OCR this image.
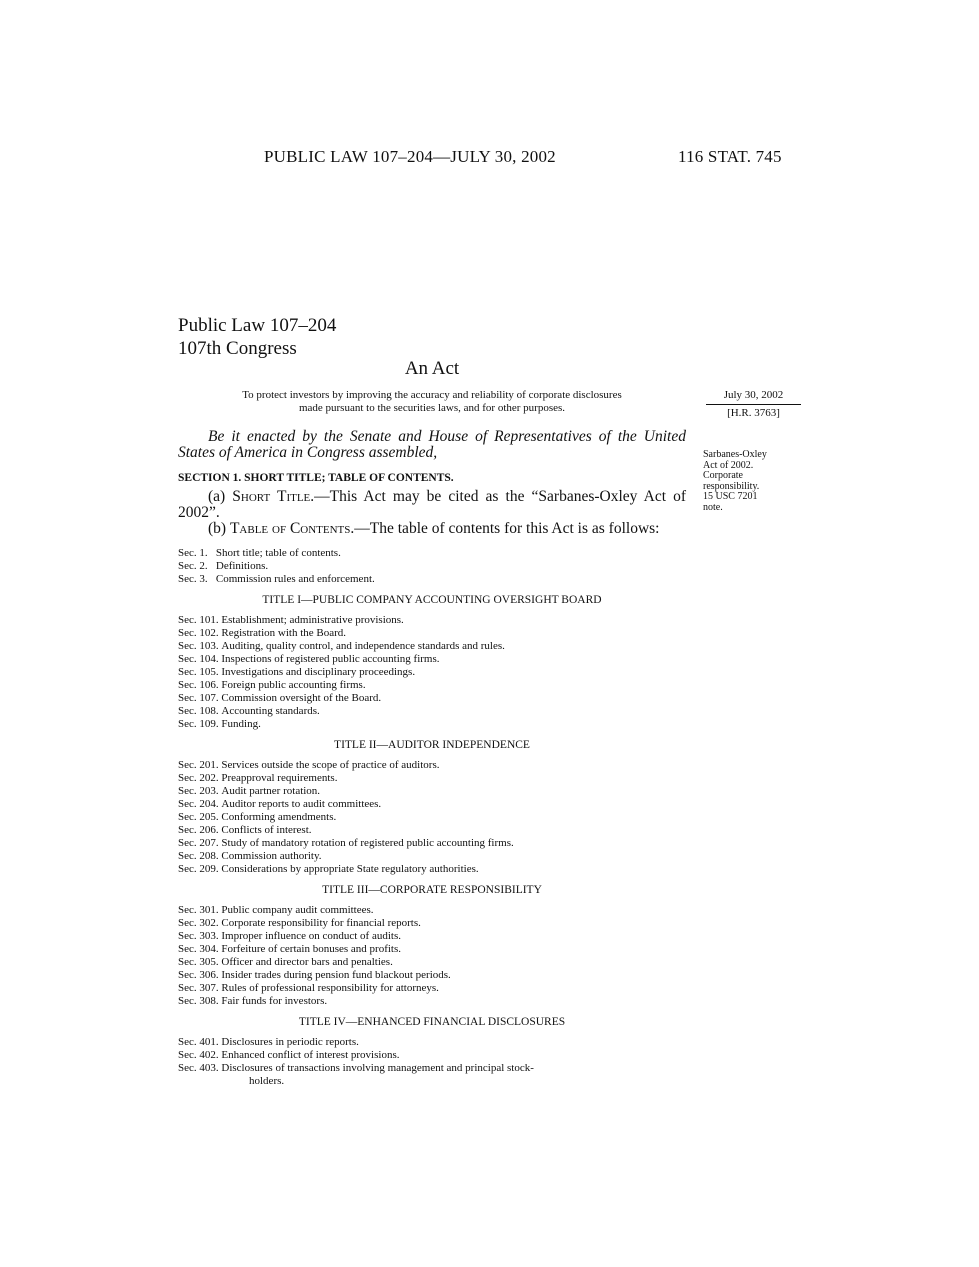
PUBLIC LAW 107–204—JULY 30, 2002	116 STAT. 745
Public Law 107–204
107th Congress
An Act
To protect investors by improving the accuracy and reliability of corporate disclosures
made pursuant to the securities laws, and for other purposes.
July 30, 2002
[H.R. 3763]
Sarbanes-Oxley
Act of 2002.
Corporate
responsibility.
15 USC 7201
note.

Be it enacted by the Senate and House of Representatives of the United States of America in Congress assembled,

SECTION 1. SHORT TITLE; TABLE OF CONTENTS.

(a) Short Title.—This Act may be cited as the “Sarbanes-Oxley Act of 2002”.

(b) Table of Contents.—The table of contents for this Act is as follows:

Sec. 1. Short title; table of contents.
Sec. 2. Definitions.
Sec. 3. Commission rules and enforcement.
TITLE I—PUBLIC COMPANY ACCOUNTING OVERSIGHT BOARD
Sec. 101. Establishment; administrative provisions.
Sec. 102. Registration with the Board.
Sec. 103. Auditing, quality control, and independence standards and rules.
Sec. 104. Inspections of registered public accounting firms.
Sec. 105. Investigations and disciplinary proceedings.
Sec. 106. Foreign public accounting firms.
Sec. 107. Commission oversight of the Board.
Sec. 108. Accounting standards.
Sec. 109. Funding.
TITLE II—AUDITOR INDEPENDENCE
Sec. 201. Services outside the scope of practice of auditors.
Sec. 202. Preapproval requirements.
Sec. 203. Audit partner rotation.
Sec. 204. Auditor reports to audit committees.
Sec. 205. Conforming amendments.
Sec. 206. Conflicts of interest.
Sec. 207. Study of mandatory rotation of registered public accounting firms.
Sec. 208. Commission authority.
Sec. 209. Considerations by appropriate State regulatory authorities.
TITLE III—CORPORATE RESPONSIBILITY
Sec. 301. Public company audit committees.
Sec. 302. Corporate responsibility for financial reports.
Sec. 303. Improper influence on conduct of audits.
Sec. 304. Forfeiture of certain bonuses and profits.
Sec. 305. Officer and director bars and penalties.
Sec. 306. Insider trades during pension fund blackout periods.
Sec. 307. Rules of professional responsibility for attorneys.
Sec. 308. Fair funds for investors.
TITLE IV—ENHANCED FINANCIAL DISCLOSURES
Sec. 401. Disclosures in periodic reports.
Sec. 402. Enhanced conflict of interest provisions.
Sec. 403. Disclosures of transactions involving management and principal stock-
holders.
